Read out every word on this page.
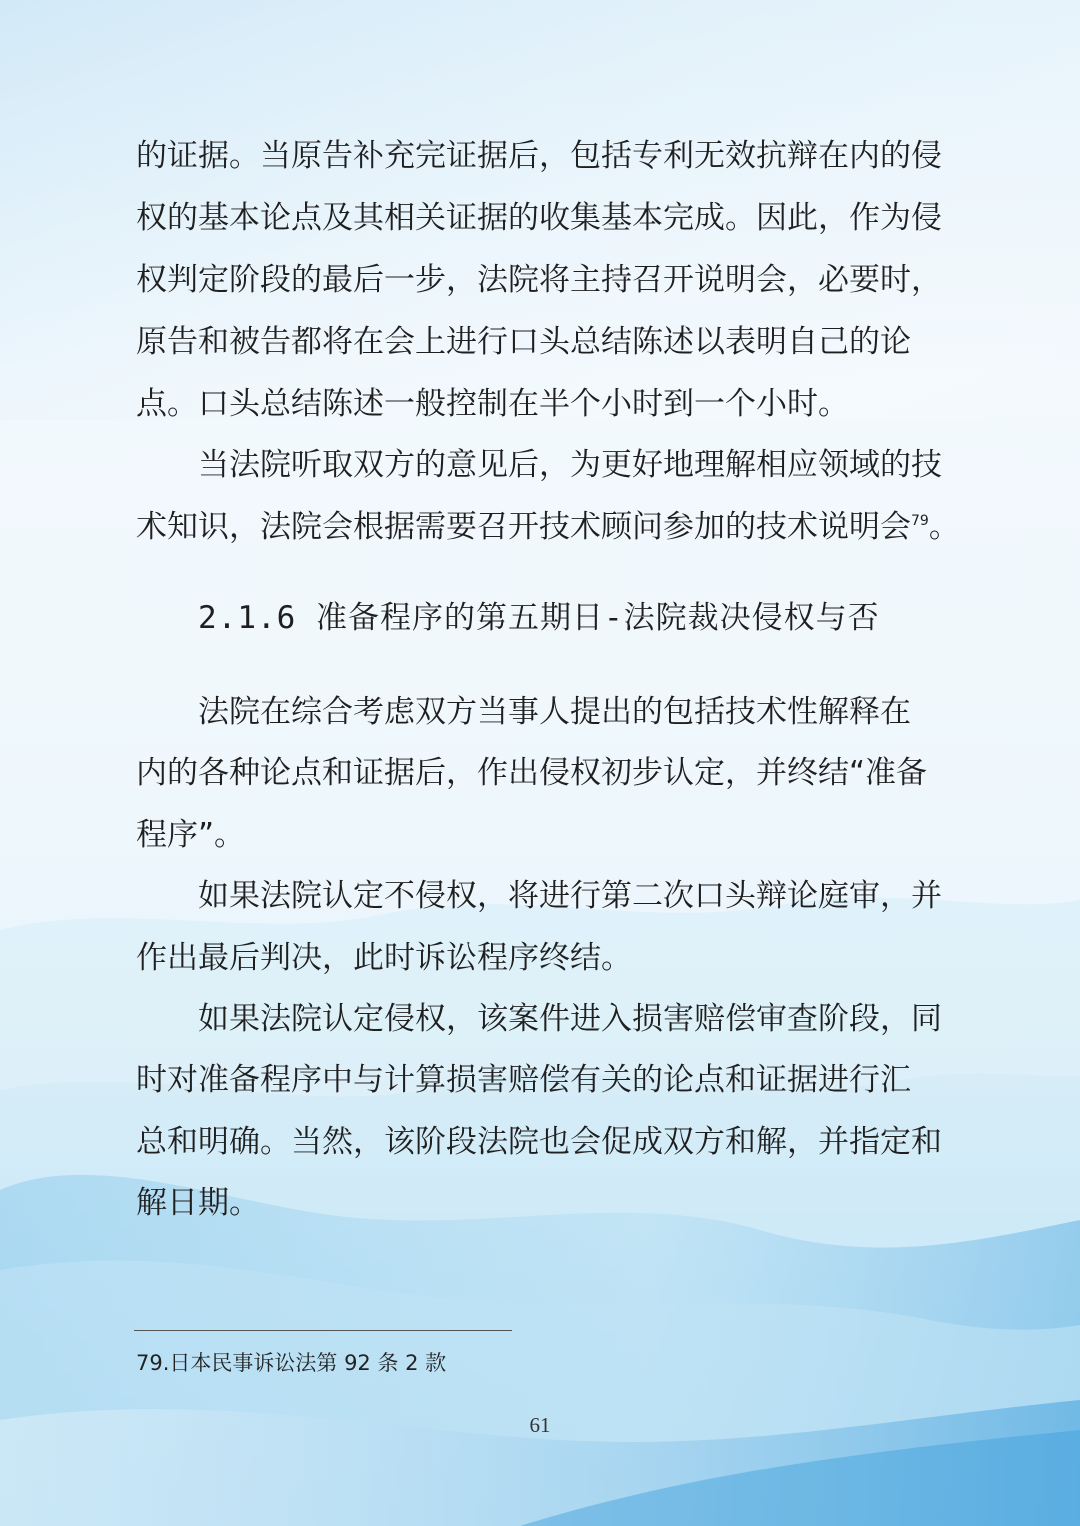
的证据。当原告补充完证据后，包括专利无效抗辩在内的侵

权的基本论点及其相关证据的收集基本完成。因此，作为侵

权判定阶段的最后一步，法院将主持召开说明会，必要时，

原告和被告都将在会上进行口头总结陈述以表明自己的论

点。口头总结陈述一般控制在半个小时到一个小时。

当法院听取双方的意见后，为更好地理解相应领域的技

术知识，法院会根据需要召开技术顾问参加的技术说明会$^{79}$。

2.1.6 准备程序的第五期日-法院裁决侵权与否

法院在综合考虑双方当事人提出的包括技术性解释在

内的各种论点和证据后，作出侵权初步认定，并终结“准备

程序”。

如果法院认定不侵权，将进行第二次口头辩论庭审，并

作出最后判决，此时诉讼程序终结。

如果法院认定侵权，该案件进入损害赔偿审查阶段，同

时对准备程序中与计算损害赔偿有关的论点和证据进行汇

总和明确。当然，该阶段法院也会促成双方和解，并指定和

解日期。

79.日本民事诉讼法第 92 条 2 款
61
